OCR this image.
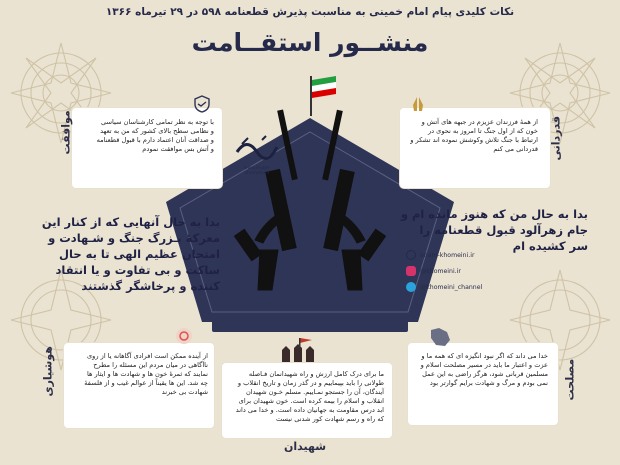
نکات کلیدی پیام امام خمینی به مناسبت پذیرش قطعنامه ۵۹۸ در ۲۹ تیرماه ۱۳۶۶
منشــور استقــامت
www.imam-khomeini.ir
با توجه به نظر تمامی کارشناسان سیاسی و نظامی سطح بالای کشور که من به تعهد و صداقت آنان اعتماد دارم با قبول قطعنامه و آتش بس موافقت نمودم
موافقت	از همهٔ فرزندان عزیزم در جبهه های آتش و خون که از اول جنگ تا امروز به نحوی در ارتباط با جنگ تلاش وکوشش نموده اند تشکر و قدردانی می کنم قدردانی
بدا به حال آنهایی که از کنار این معرکهٔ بـزرگ جنگ و شـهادت و امتحان عظیم الهی تا به حال ساکت و بی تفاوت و یا انتقاد کننده و پرخاشگر گذشتند
بدا به حال من که هنوز مانده ام و جام زهرآلود قبول قطعنامه را سر کشیده ام
imam-khomeini.ir
@khomeini.ir
@khomeini_channel
از آینده ممکن است افرادی آگاهانه یا از روی ناآگاهی در میان مردم این مسئله را مطرح نمایند که ثمرهٔ خون ها و شهادت ها و ایثار ها چه شد. این ها یقیناً از عوالم غیب و از فلسفهٔ شهادت بی خبرند
هوشیاری	ما برای درک کامل ارزش و راه شهیدانمان فـاصله طولانی را باید بپیماییم و در گذر زمان و تاریخ انقلاب و آیندگان، آن را جستجو نمـاییم. مسلم خـون شهیدان انقلاب و اسلام را بیمه کرده است. خون شهیدان برای ابد درس مقاومت به جهانیان داده است. و خدا می داند که راه و رسم شهادت کور شدنی نیست
شهیدان
خدا می داند که اگر نبود انگیزه ای که همه ما و عزت و اعتبار ما باید در مسیر مصلحت اسلام و مسلمین قربانی شود، هرگز راضی به این عمل نمی بودم و مرگ و شهادت برایم گوارتر بود مصلحت
